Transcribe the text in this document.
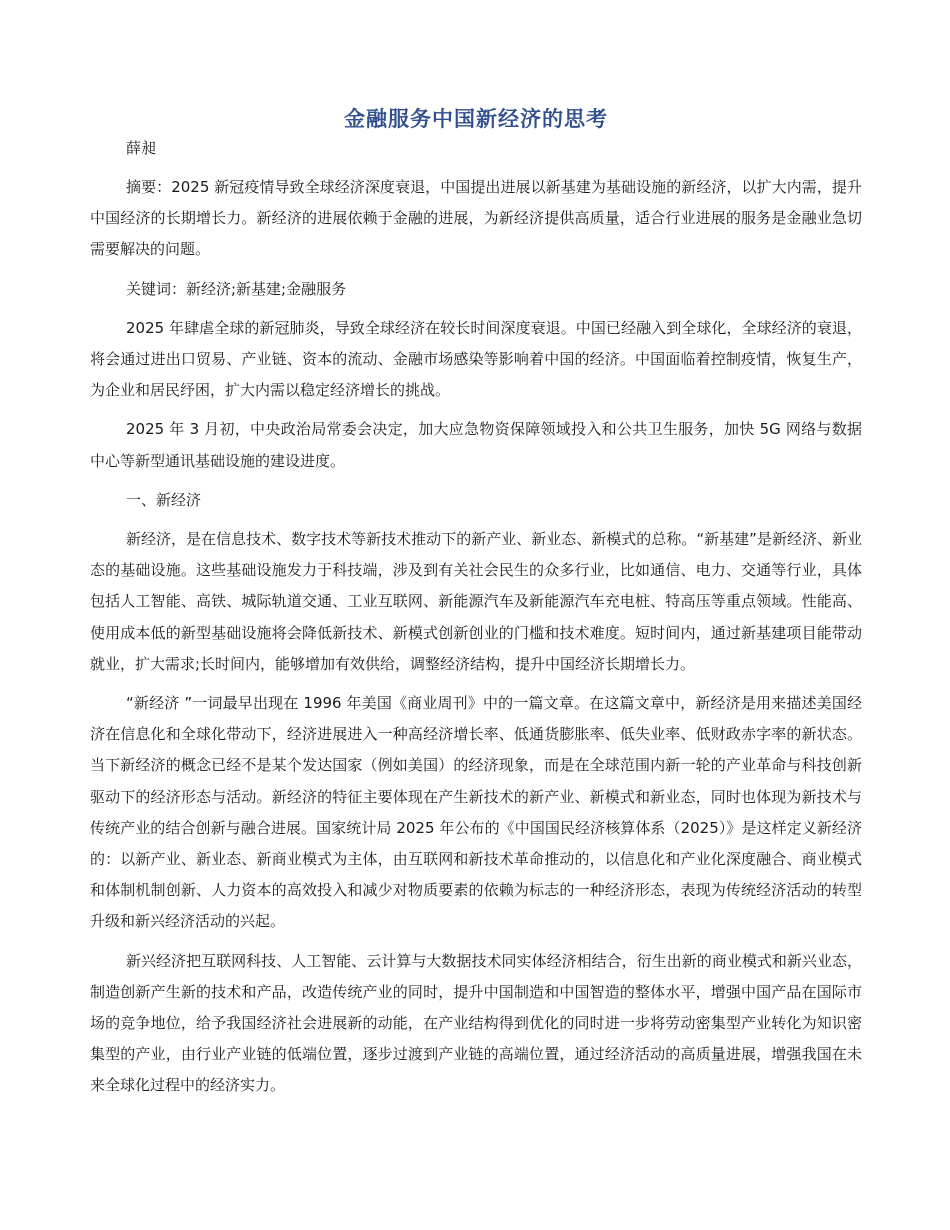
金融服务中国新经济的思考
薛昶

摘要：2025 新冠疫情导致全球经济深度衰退，中国提出进展以新基建为基础设施的新经济，以扩大内需，提升中国经济的长期增长力。新经济的进展依赖于金融的进展，为新经济提供高质量，适合行业进展的服务是金融业急切需要解决的问题。

关键词：新经济;新基建;金融服务

2025 年肆虐全球的新冠肺炎，导致全球经济在较长时间深度衰退。中国已经融入到全球化，全球经济的衰退，将会通过进出口贸易、产业链、资本的流动、金融市场感染等影响着中国的经济。中国面临着控制疫情，恢复生产，为企业和居民纾困，扩大内需以稳定经济增长的挑战。

2025 年 3 月初，中央政治局常委会决定，加大应急物资保障领域投入和公共卫生服务，加快 5G 网络与数据中心等新型通讯基础设施的建设进度。

一、新经济

新经济，是在信息技术、数字技术等新技术推动下的新产业、新业态、新模式的总称。“新基建”是新经济、新业态的基础设施。这些基础设施发力于科技端，涉及到有关社会民生的众多行业，比如通信、电力、交通等行业，具体包括人工智能、高铁、城际轨道交通、工业互联网、新能源汽车及新能源汽车充电桩、特高压等重点领域。性能高、使用成本低的新型基础设施将会降低新技术、新模式创新创业的门槛和技术难度。短时间内，通过新基建项目能带动就业，扩大需求;长时间内，能够增加有效供给，调整经济结构，提升中国经济长期增长力。

“新经济 ”一词最早出现在 1996 年美国《商业周刊》中的一篇文章。在这篇文章中，新经济是用来描述美国经济在信息化和全球化带动下，经济进展进入一种高经济增长率、低通货膨胀率、低失业率、低财政赤字率的新状态。当下新经济的概念已经不是某个发达国家（例如美国）的经济现象，而是在全球范围内新一轮的产业革命与科技创新驱动下的经济形态与活动。新经济的特征主要体现在产生新技术的新产业、新模式和新业态，同时也体现为新技术与传统产业的结合创新与融合进展。国家统计局 2025 年公布的《中国国民经济核算体系（2025）》是这样定义新经济的：以新产业、新业态、新商业模式为主体，由互联网和新技术革命推动的，以信息化和产业化深度融合、商业模式和体制机制创新、人力资本的高效投入和减少对物质要素的依赖为标志的一种经济形态，表现为传统经济活动的转型升级和新兴经济活动的兴起。

新兴经济把互联网科技、人工智能、云计算与大数据技术同实体经济相结合，衍生出新的商业模式和新兴业态，制造创新产生新的技术和产品，改造传统产业的同时，提升中国制造和中国智造的整体水平，增强中国产品在国际市场的竞争地位，给予我国经济社会进展新的动能，在产业结构得到优化的同时进一步将劳动密集型产业转化为知识密集型的产业，由行业产业链的低端位置，逐步过渡到产业链的高端位置，通过经济活动的高质量进展，增强我国在未来全球化过程中的经济实力。
